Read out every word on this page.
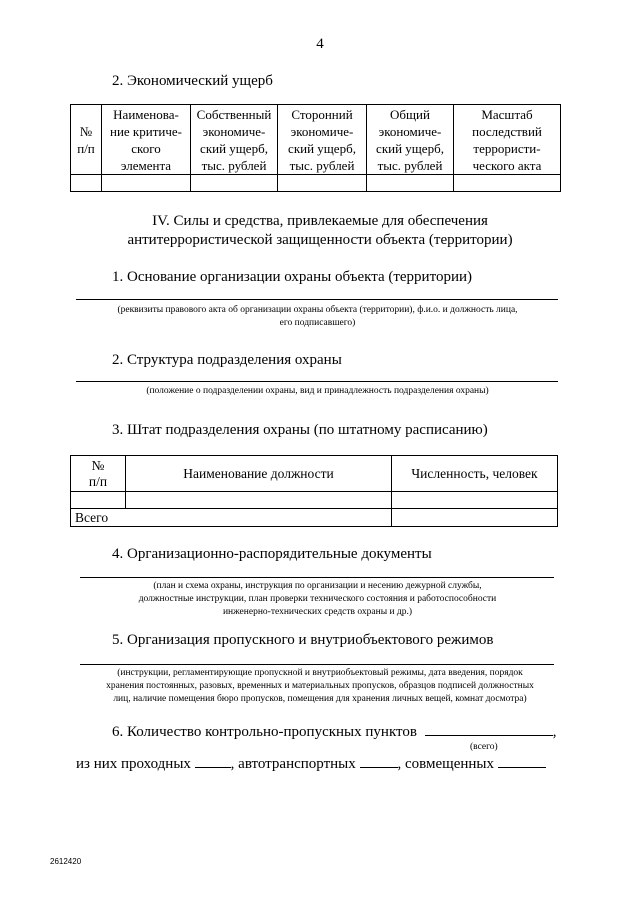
4
2. Экономический ущерб
№
п/п	Наименова-
ние критиче-
ского
элемента	Собственный
экономиче-
ский ущерб,
тыс. рублей	Сторонний
экономиче-
ский ущерб,
тыс. рублей	Общий
экономиче-
ский ущерб,
тыс. рублей	Масштаб
последствий
террористи-
ческого акта

IV. Силы и средства, привлекаемые для обеспечения
антитеррористической защищенности объекта (территории)
1. Основание организации охраны объекта (территории)
(реквизиты правового акта об организации охраны объекта (территории), ф.и.о. и должность лица,
его подписавшего)
2. Структура подразделения охраны
(положение о подразделении охраны, вид и принадлежность подразделения охраны)
3. Штат подразделения охраны (по штатному расписанию)
№
п/п	Наименование должности	Численность, человек

Всего		
4. Организационно-распорядительные документы
(план и схема охраны, инструкция по организации и несению дежурной службы,
должностные инструкции, план проверки технического состояния и работоспособности
инженерно-технических средств охраны и др.)
5. Организация пропускного и внутриобъектового режимов
(инструкции, регламентирующие пропускной и внутриобъектовый режимы, дата введения, порядок
хранения постоянных, разовых, временных и материальных пропусков, образцов подписей должностных
лиц, наличие помещения бюро пропусков, помещения для хранения личных вещей, комнат досмотра)
6. Количество контрольно-пропускных пунктов	,
(всего)
из них проходных	, автотранспортных	, совмещенных
2612420
